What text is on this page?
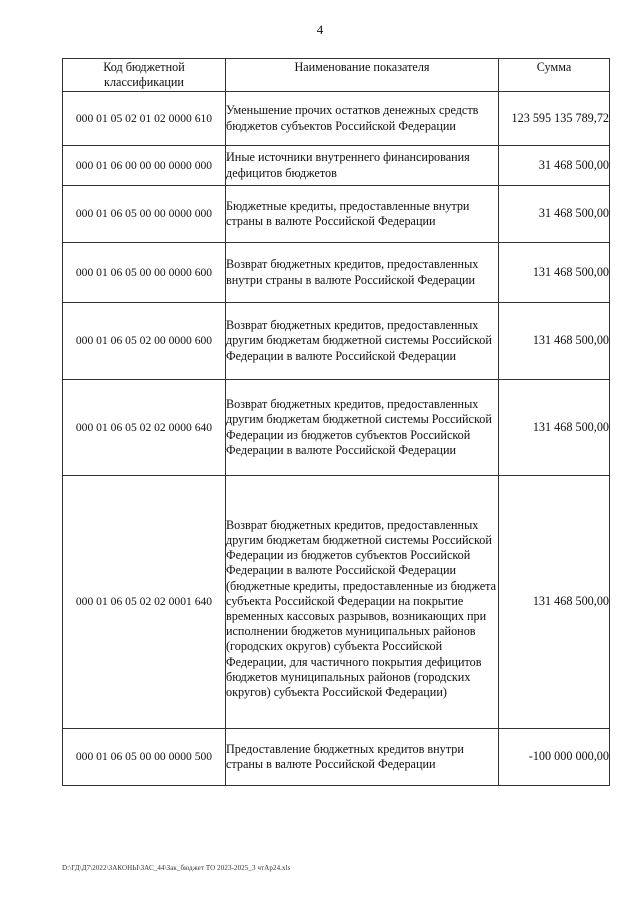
4
Код бюджетной классификации	Наименование показателя	Сумма
000 01 05 02 01 02 0000 610	Уменьшение прочих остатков денежных средств бюджетов субъектов Российской Федерации	123 595 135 789,72
000 01 06 00 00 00 0000 000	Иные источники внутреннего финансирования дефицитов бюджетов	31 468 500,00
000 01 06 05 00 00 0000 000	Бюджетные кредиты, предоставленные внутри страны в валюте Российской Федерации	31 468 500,00
000 01 06 05 00 00 0000 600	Возврат бюджетных кредитов, предоставленных внутри страны в валюте Российской Федерации	131 468 500,00
000 01 06 05 02 00 0000 600	Возврат бюджетных кредитов, предоставленных другим бюджетам бюджетной системы Российской Федерации в валюте Российской Федерации	131 468 500,00
000 01 06 05 02 02 0000 640	Возврат бюджетных кредитов, предоставленных другим бюджетам бюджетной системы Российской Федерации из бюджетов субъектов Российской Федерации в валюте Российской Федерации	131 468 500,00
000 01 06 05 02 02 0001 640	Возврат бюджетных кредитов, предоставленных другим бюджетам бюджетной системы Российской Федерации из бюджетов субъектов Российской Федерации в валюте Российской Федерации (бюджетные кредиты, предоставленные из бюджета субъекта Российской Федерации на покрытие временных кассовых разрывов, возникающих при исполнении бюджетов муниципальных районов (городских округов) субъекта Российской Федерации, для частичного покрытия дефицитов бюджетов муниципальных районов (городских округов) субъекта Российской Федерации)	131 468 500,00
000 01 06 05 00 00 0000 500	Предоставление бюджетных кредитов внутри страны в валюте Российской Федерации	-100 000 000,00
D:\ГД\Д7\2022\ЗАКОНЫ\ЗАС_44\Зак_бюджет ТО 2023-2025_3 чтАр24.xls
